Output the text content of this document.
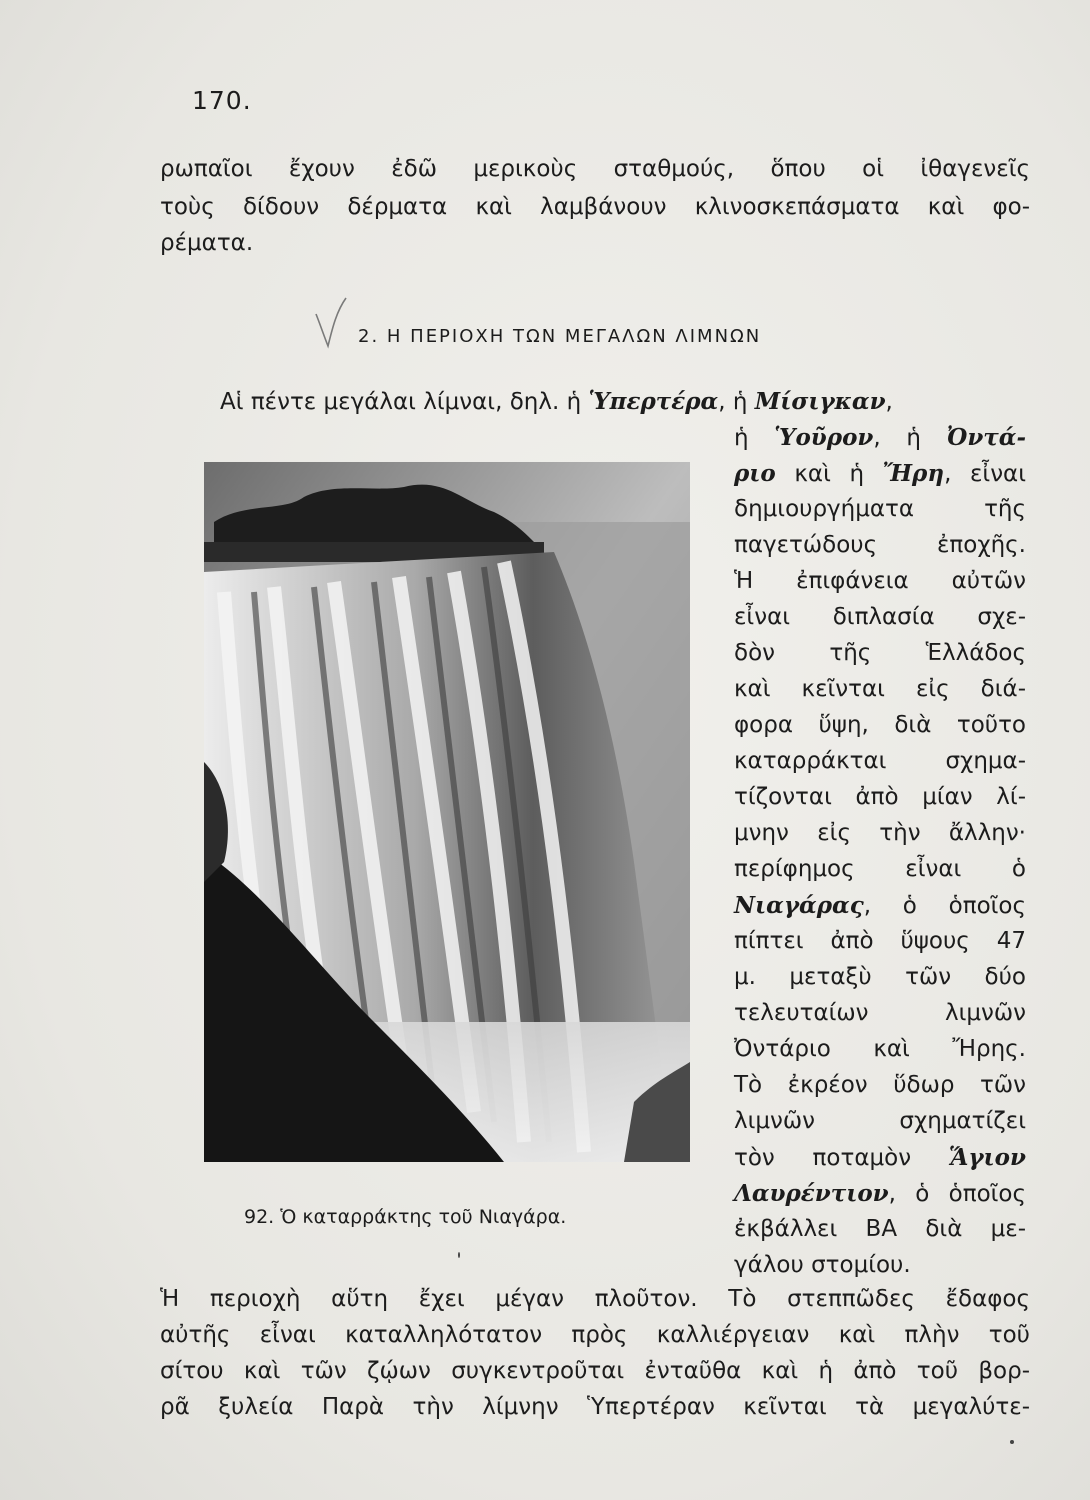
170.
ρωπαῖοι ἔχουν ἐδῶ μερικοὺς σταθμούς, ὅπου οἱ ἰθαγενεῖς
τοὺς δίδουν δέρματα καὶ λαμβάνουν κλινοσκεπάσματα καὶ φο-
ρέματα.
2. Η ΠΕΡΙΟΧΗ ΤΩΝ ΜΕΓΑΛΩΝ ΛΙΜΝΩΝ
Αἱ πέντε μεγάλαι λίμναι, δηλ. ἡ Ὑπερτέρα, ἡ Μίσιγκαν,
ἡ Ὑοῦρον, ἡ Ὀντά-
ριο καὶ ἡ Ἤρη, εἶναι
δημιουργήματα τῆς
παγετώδους ἐποχῆς.
Ἡ ἐπιφάνεια αὐτῶν
εἶναι διπλασία σχε-
δὸν τῆς Ἑλλάδος
καὶ κεῖνται εἰς διά-
φορα ὕψη, διὰ τοῦτο
καταρράκται σχημα-
τίζονται ἀπὸ μίαν λί-
μνην εἰς τὴν ἄλλην·
περίφημος εἶναι ὁ
Νιαγάρας, ὁ ὁποῖος
πίπτει ἀπὸ ὕψους 47
μ. μεταξὺ τῶν δύο
τελευταίων λιμνῶν
Ὀντάριο καὶ Ἤρης.
Τὸ ἐκρέον ὕδωρ τῶν
λιμνῶν σχηματίζει
τὸν ποταμὸν Ἅγιον
Λαυρέντιον, ὁ ὁποῖος
ἐκβάλλει ΒΑ διὰ με-
γάλου στομίου.
92. Ὁ καταρράκτης τοῦ Νιαγάρα.
Ἡ περιοχὴ αὕτη ἔχει μέγαν πλοῦτον. Τὸ στεππῶδες ἔδαφος
αὐτῆς εἶναι καταλληλότατον πρὸς καλλιέργειαν καὶ πλὴν τοῦ
σίτου καὶ τῶν ζῴων συγκεντροῦται ἐνταῦθα καὶ ἡ ἀπὸ τοῦ βορ-
ρᾶ ξυλεία Παρὰ τὴν λίμνην Ὑπερτέραν κεῖνται τὰ μεγαλύτε-
